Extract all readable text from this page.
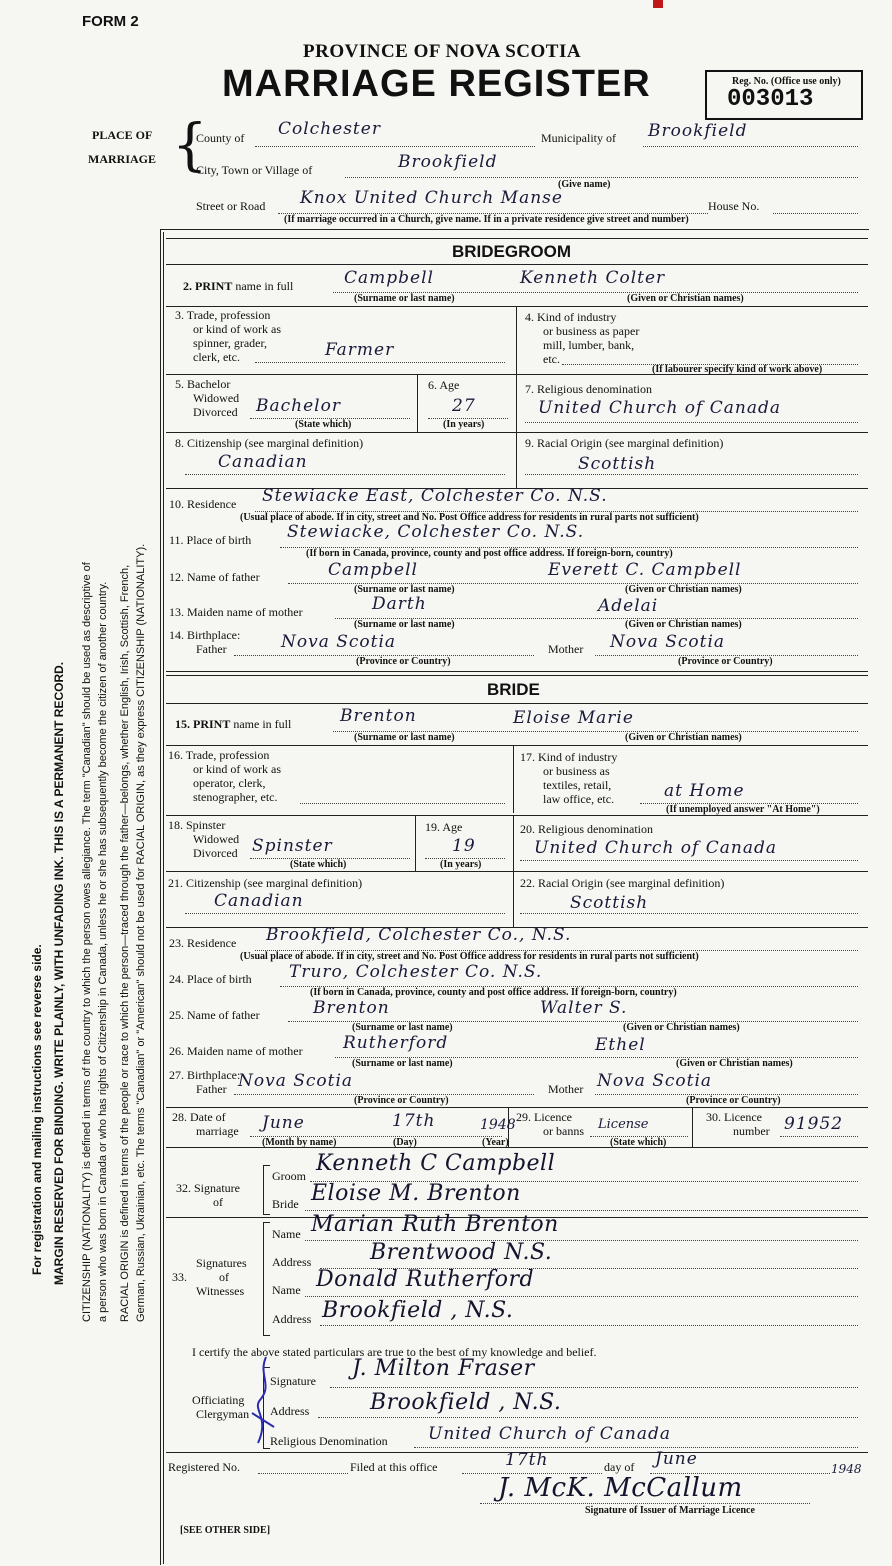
FORM 2
PROVINCE OF NOVA SCOTIA
MARRIAGE REGISTER	Reg. No. (Office use only)
003013
PLACE OF
MARRIAGE {
County of Colchester	Municipality of Brookfield
City, Town or Village of	Brookfield
(Give name)
Street or Road Knox United Church Manse	House No.
(If marriage occurred in a Church, give name. If in a private residence give street and number)
For registration and mailing instructions see reverse side. MARGIN RESERVED FOR BINDING. WRITE PLAINLY, WITH UNFADING INK. THIS IS A PERMANENT RECORD. CITIZENSHIP (NATIONALITY) is defined in terms of the country to which the person owes allegiance. The term "Canadian" should be used as descriptive of a person who was born in Canada or who has rights of Citizenship in Canada, unless he or she has subsequently become the citizen of another country. RACIAL ORIGIN is defined in terms of the people or race to which the person—traced through the father—belongs, whether English, Irish, Scottish, French, German, Russian, Ukrainian, etc. The terms "Canadian" or "American" should not be used for RACIAL ORIGIN, as they express CITIZENSHIP (NATIONALITY).
BRIDEGROOM
2. PRINT name in full	Campbell	Kenneth Colter
(Surname or last name)	(Given or Christian names)
3. Trade, profession
or kind of work as
spinner, grader,
clerk, etc.	Farmer
4. Kind of industry
or business as paper
mill, lumber, bank,
etc.
(If labourer specify kind of work above)
5. Bachelor
Widowed
Divorced Bachelor
(State which)
6. Age
27
(In years)
7. Religious denomination
United Church of Canada
8. Citizenship (see marginal definition)
Canadian
9. Racial Origin (see marginal definition)
Scottish
10. Residence Stewiacke East, Colchester Co. N.S.
(Usual place of abode. If in city, street and No. Post Office address for residents in rural parts not sufficient)
11. Place of birth Stewiacke, Colchester Co. N.S.
(If born in Canada, province, county and post office address. If foreign-born, country)
12. Name of father	Campbell	Everett C. Campbell
(Surname or last name)	(Given or Christian names)
13. Maiden name of mother	Darth	Adelai
(Surname or last name)	(Given or Christian names)
14. Birthplace:
Father	Nova Scotia
(Province or Country)
Mother Nova Scotia
(Province or Country)
BRIDE
15. PRINT name in full	Brenton	Eloise Marie
(Surname or last name)	(Given or Christian names)
16. Trade, profession
or kind of work as
operator, clerk,
stenographer, etc.
17. Kind of industry
or business as
textiles, retail,
law office, etc.	at Home
(If unemployed answer "At Home")
18. Spinster
Widowed
Divorced Spinster
(State which)
19. Age
19
(In years)
20. Religious denomination
United Church of Canada
21. Citizenship (see marginal definition)
Canadian
22. Racial Origin (see marginal definition)
Scottish
23. Residence Brookfield, Colchester Co., N.S.
(Usual place of abode. If in city, street and No. Post Office address for residents in rural parts not sufficient)
24. Place of birth Truro, Colchester Co. N.S.
(If born in Canada, province, county and post office address. If foreign-born, country)
25. Name of father	Brenton	Walter S.
(Surname or last name)	(Given or Christian names)
26. Maiden name of mother Rutherford	Ethel
(Surname or last name)	(Given or Christian names)
27. Birthplace:
Father Nova Scotia
(Province or Country)
Mother Nova Scotia
(Province or Country)
28. Date of
marriage June	17th	1948
(Month by name)	(Day)	(Year)
29. Licence
or banns License
(State which)
30. Licence
number 91952
32. Signature
of
Groom Kenneth C Campbell
Bride Eloise M. Brenton
33.
Signatures
of
Witnesses
Name Marian Ruth Brenton
Address	Brentwood N.S.
Name Donald Rutherford
Address Brookfield , N.S.
I certify the above stated particulars are true to the best of my knowledge and belief.
Officiating
Clergyman
Signature J. Milton Fraser
Address	Brookfield , N.S.
Religious Denomination United Church of Canada
Registered No.	Filed at this office	17th	day of June	1948
J. McK. McCallum
Signature of Issuer of Marriage Licence
[SEE OTHER SIDE]
